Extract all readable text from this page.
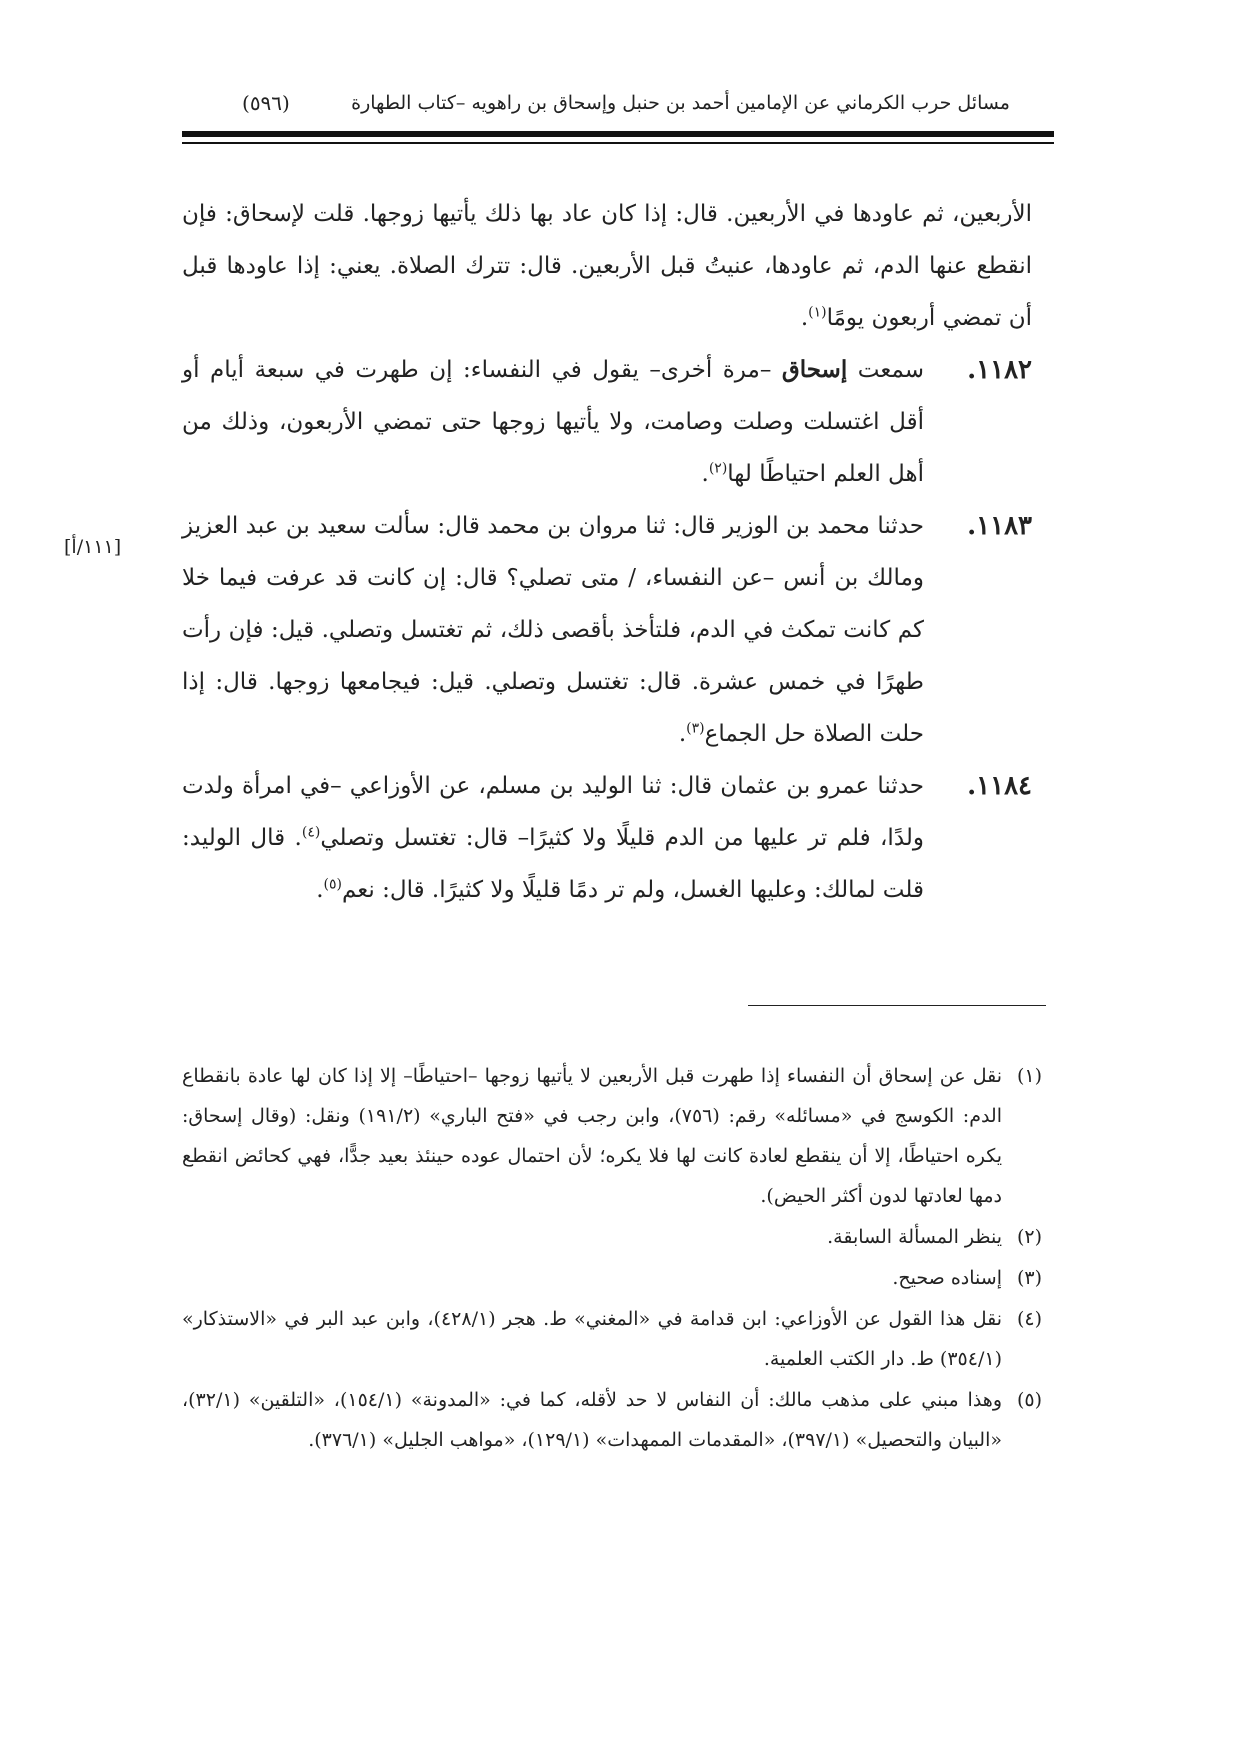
مسائل حرب الكرماني عن الإمامين أحمد بن حنبل وإسحاق بن راهويه –كتاب الطهارة
(٥٩٦)
[١١١/أ]

الأربعين، ثم عاودها في الأربعين. قال: إذا كان عاد بها ذلك يأتيها زوجها. قلت لإسحاق: فإن انقطع عنها الدم، ثم عاودها، عنيتُ قبل الأربعين. قال: تترك الصلاة. يعني: إذا عاودها قبل أن تمضي أربعون يومًا$^{(١)}$.

١١٨٢.
سمعت إسحاق –مرة أخرى– يقول في النفساء: إن طهرت في سبعة أيام أو أقل اغتسلت وصلت وصامت، ولا يأتيها زوجها حتى تمضي الأربعون، وذلك من أهل العلم احتياطًا لها$^{(٢)}$.
١١٨٣.
حدثنا محمد بن الوزير قال: ثنا مروان بن محمد قال: سألت سعيد بن عبد العزيز ومالك بن أنس –عن النفساء، / متى تصلي؟ قال: إن كانت قد عرفت فيما خلا كم كانت تمكث في الدم، فلتأخذ بأقصى ذلك، ثم تغتسل وتصلي. قيل: فإن رأت طهرًا في خمس عشرة. قال: تغتسل وتصلي. قيل: فيجامعها زوجها. قال: إذا حلت الصلاة حل الجماع$^{(٣)}$.
١١٨٤.
حدثنا عمرو بن عثمان قال: ثنا الوليد بن مسلم، عن الأوزاعي –في امرأة ولدت ولدًا، فلم تر عليها من الدم قليلًا ولا كثيرًا– قال: تغتسل وتصلي$^{(٤)}$. قال الوليد: قلت لمالك: وعليها الغسل، ولم تر دمًا قليلًا ولا كثيرًا. قال: نعم$^{(٥)}$.
(١)
نقل عن إسحاق أن النفساء إذا طهرت قبل الأربعين لا يأتيها زوجها –احتياطًا– إلا إذا كان لها عادة بانقطاع الدم: الكوسج في «مسائله» رقم: (٧٥٦)، وابن رجب في «فتح الباري» (١٩١/٢) ونقل: (وقال إسحاق: يكره احتياطًا، إلا أن ينقطع لعادة كانت لها فلا يكره؛ لأن احتمال عوده حينئذ بعيد جدًّا، فهي كحائض انقطع دمها لعادتها لدون أكثر الحيض).
(٢)
ينظر المسألة السابقة.
(٣)
إسناده صحيح.
(٤)
نقل هذا القول عن الأوزاعي: ابن قدامة في «المغني» ط. هجر (٤٢٨/١)، وابن عبد البر في «الاستذكار» (٣٥٤/١) ط. دار الكتب العلمية.
(٥)
وهذا مبني على مذهب مالك: أن النفاس لا حد لأقله، كما في: «المدونة» (١٥٤/١)، «التلقين» (٣٢/١)، «البيان والتحصيل» (٣٩٧/١)، «المقدمات الممهدات» (١٢٩/١)، «مواهب الجليل» (٣٧٦/١).
